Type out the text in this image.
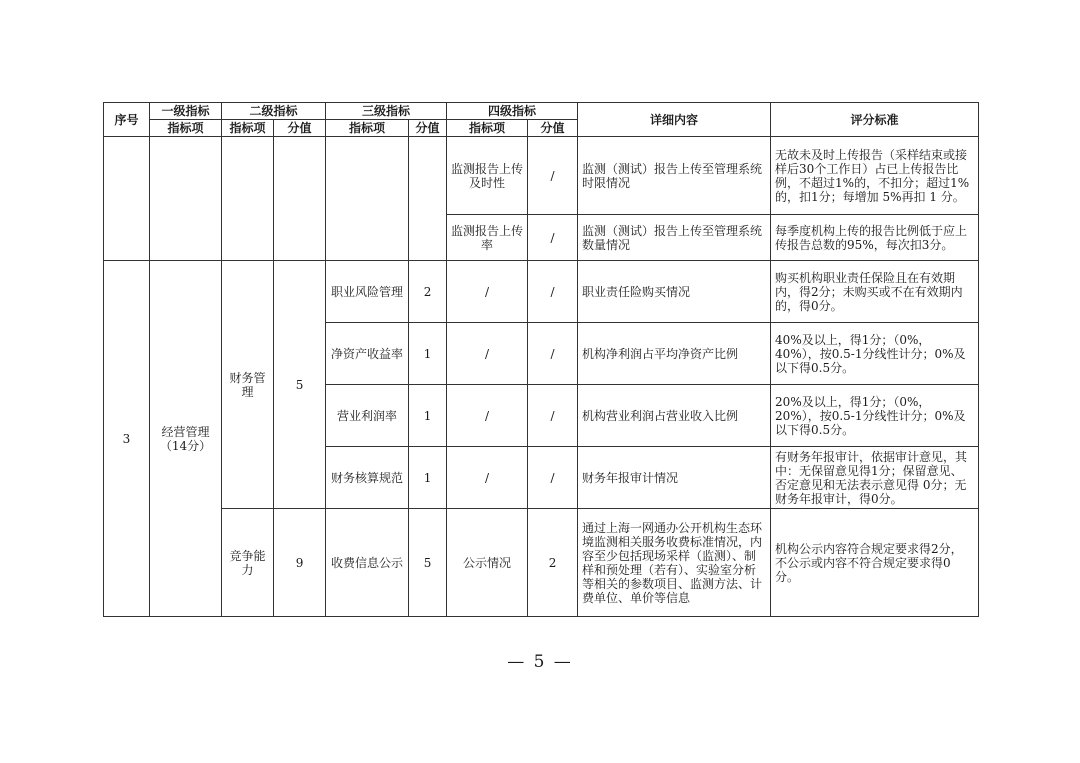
序号	一级指标	二级指标		三级指标		四级指标		详细内容	评分标准
	指标项	指标项	分值	指标项	分值	指标项	分值		
						监测报告上传及时性	/	监测（测试）报告上传至管理系统时限情况	无故未及时上传报告（采样结束或接样后30个工作日）占已上传报告比例，不超过1%的，不扣分；超过1%的，扣1分；每增加 5%再扣 1 分。
						监测报告上传率	/	监测（测试）报告上传至管理系统数量情况	每季度机构上传的报告比例低于应上传报告总数的95%，每次扣3分。
3	经营管理（14分）	财务管理	5	职业风险管理	2	/	/	职业责任险购买情况	购买机构职业责任保险且在有效期内，得2分；未购买或不在有效期内的，得0分。
				净资产收益率	1	/	/	机构净利润占平均净资产比例	40%及以上，得1分；（0%，40%），按0.5-1分线性计分；0%及以下得0.5分。
				营业利润率	1	/	/	机构营业利润占营业收入比例	20%及以上，得1分；（0%，20%），按0.5-1分线性计分；0%及以下得0.5分。
				财务核算规范	1	/	/	财务年报审计情况	有财务年报审计，依据审计意见，其中：无保留意见得1分；保留意见、否定意见和无法表示意见得 0分；无财务年报审计，得0分。
		竞争能力	9	收费信息公示	5	公示情况	2	通过上海一网通办公开机构生态环境监测相关服务收费标准情况，内容至少包括现场采样（监测）、制样和预处理（若有）、实验室分析等相关的参数项目、监测方法、计费单位、单价等信息	机构公示内容符合规定要求得2分，不公示或内容不符合规定要求得0分。
— 5 —
